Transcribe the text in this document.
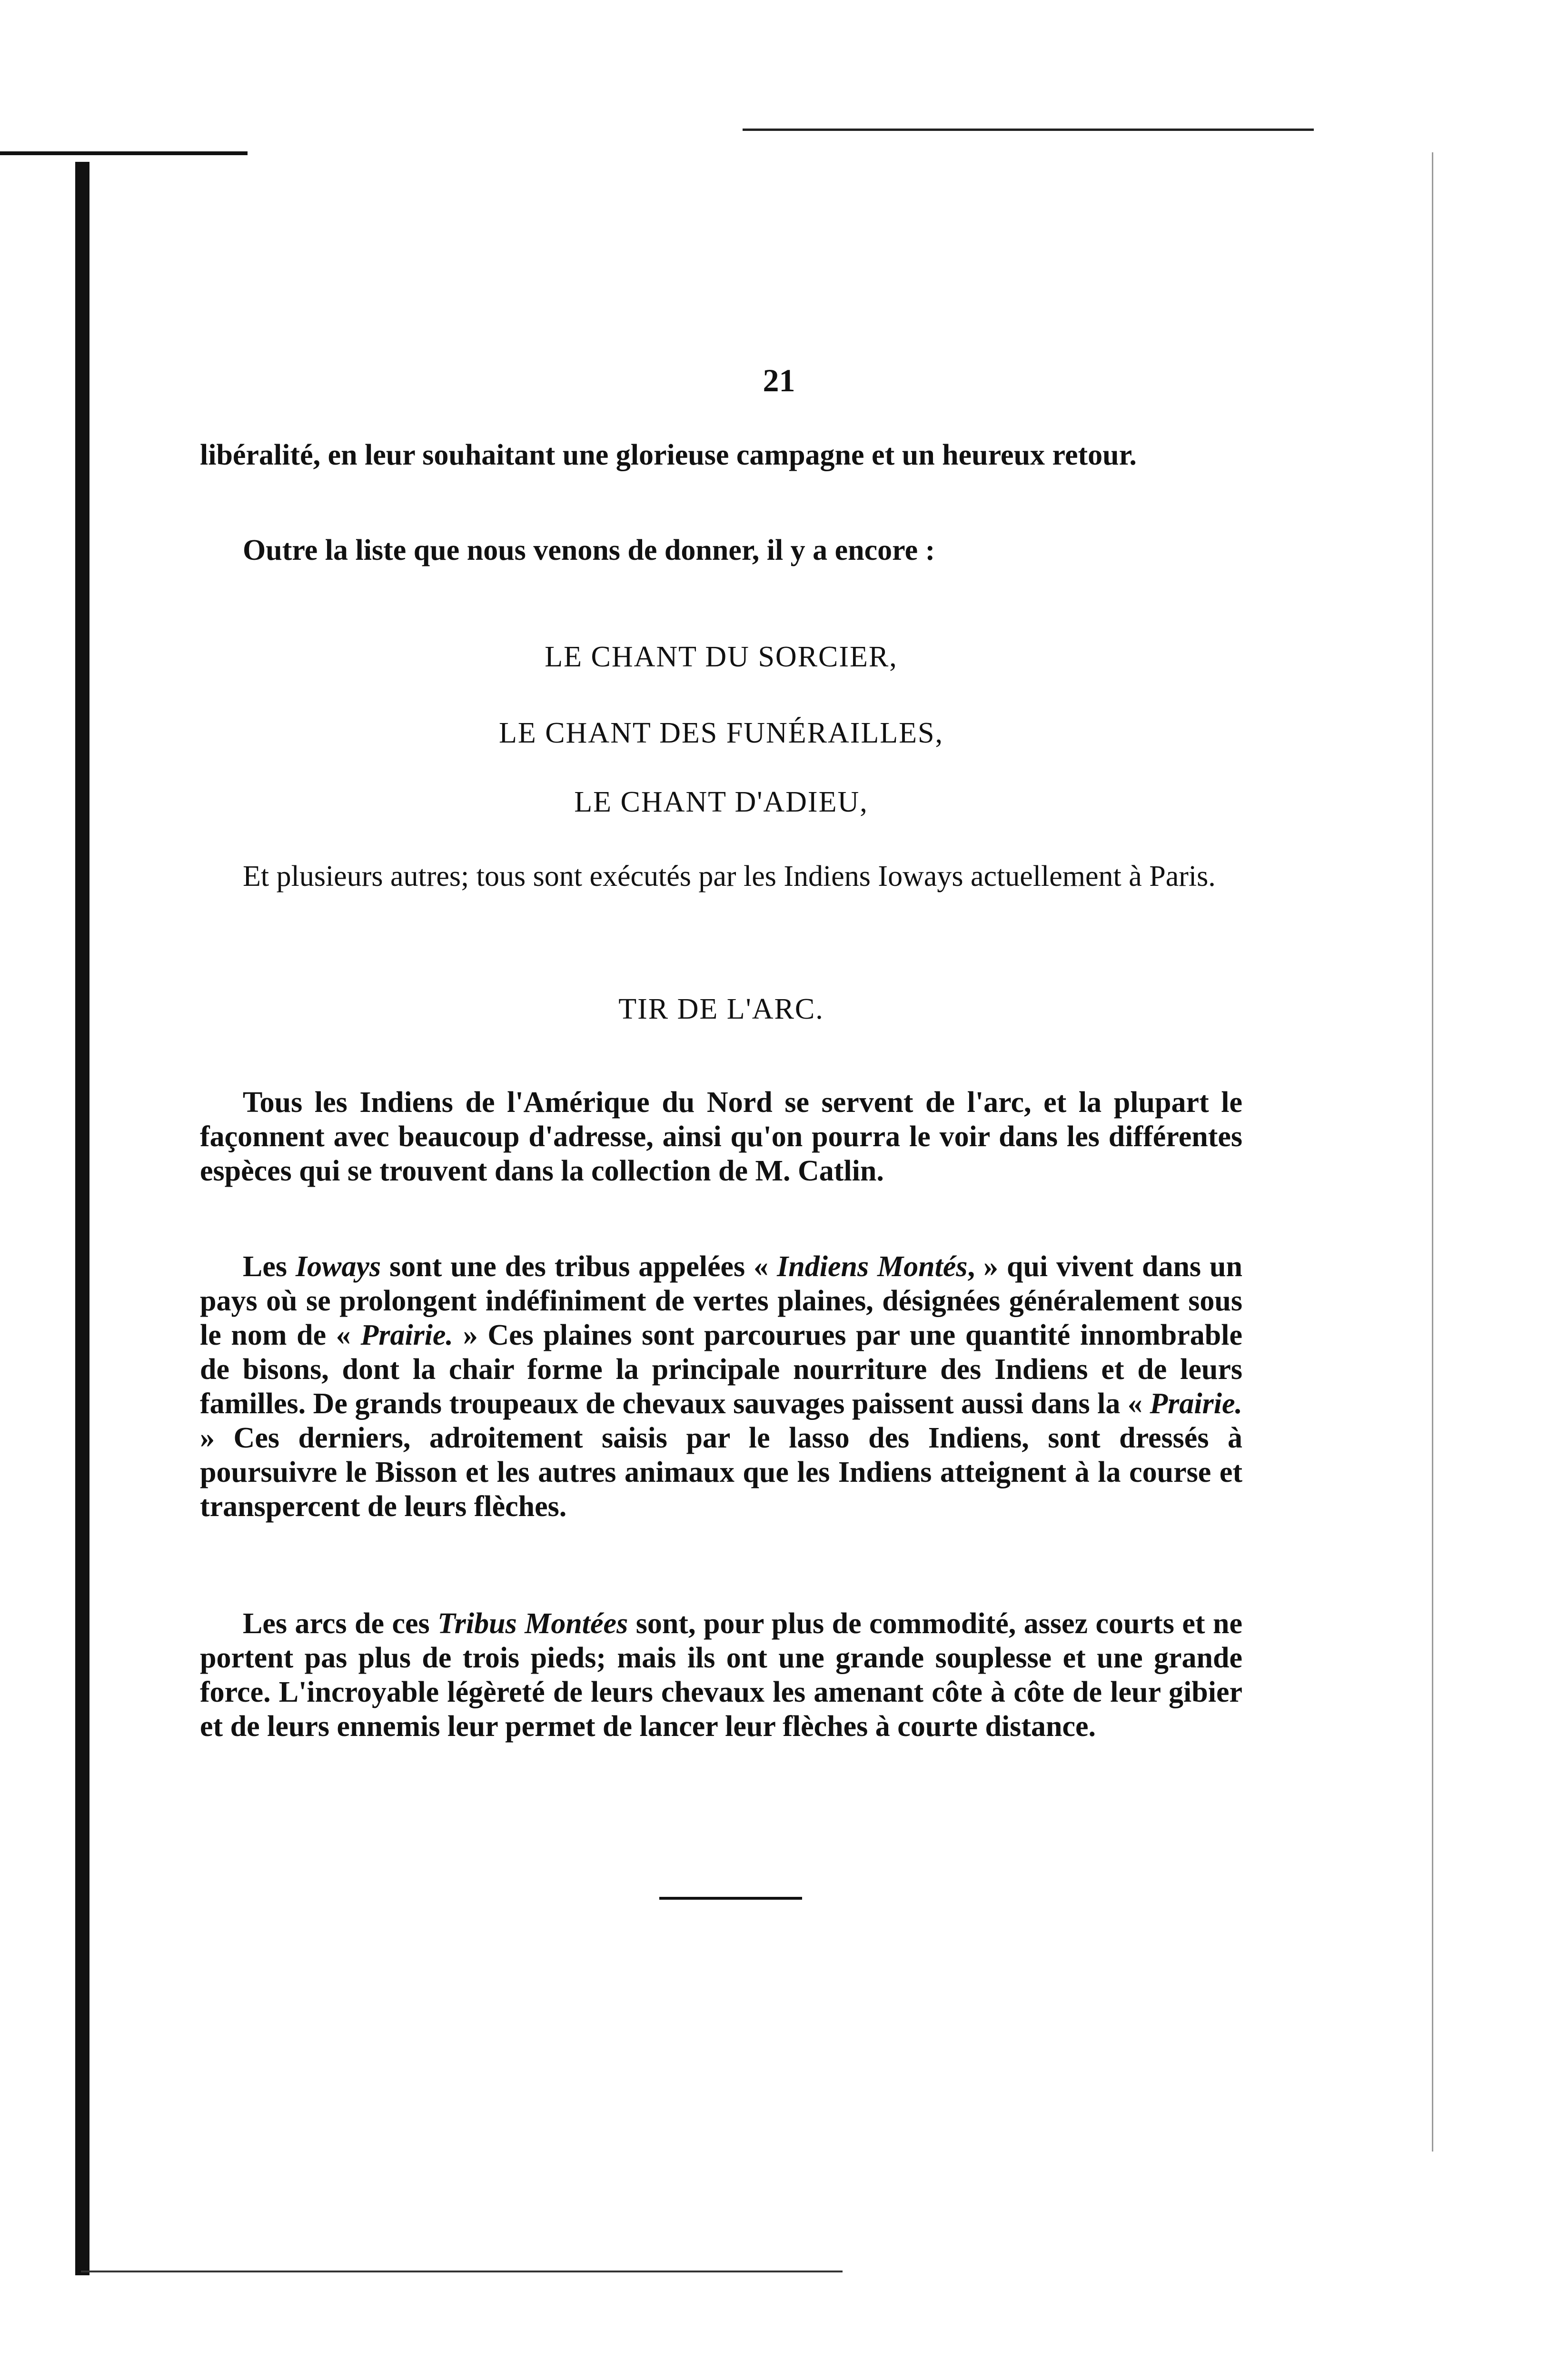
21

libéralité, en leur souhaitant une glorieuse campagne et un heureux retour.

Outre la liste que nous venons de donner, il y a encore :

LE CHANT DU SORCIER,

LE CHANT DES FUNÉRAILLES,

LE CHANT D'ADIEU,

Et plusieurs autres; tous sont exécutés par les Indiens Ioways actuellement à Paris.

TIR DE L'ARC.

Tous les Indiens de l'Amérique du Nord se servent de l'arc, et la plupart le façonnent avec beaucoup d'adresse, ainsi qu'on pourra le voir dans les différentes espèces qui se trouvent dans la collection de M. Catlin.

Les Ioways sont une des tribus appelées « Indiens Montés, » qui vivent dans un pays où se prolongent indéfiniment de vertes plaines, désignées généralement sous le nom de « Prairie. » Ces plaines sont parcourues par une quantité innombrable de bisons, dont la chair forme la principale nourriture des Indiens et de leurs familles. De grands troupeaux de chevaux sauvages paissent aussi dans la « Prairie. » Ces derniers, adroitement saisis par le lasso des Indiens, sont dressés à poursuivre le Bisson et les autres animaux que les Indiens atteignent à la course et transpercent de leurs flèches.

Les arcs de ces Tribus Montées sont, pour plus de commodité, assez courts et ne portent pas plus de trois pieds; mais ils ont une grande souplesse et une grande force. L'incroyable légèreté de leurs chevaux les amenant côte à côte de leur gibier et de leurs ennemis leur permet de lancer leur flèches à courte distance.
